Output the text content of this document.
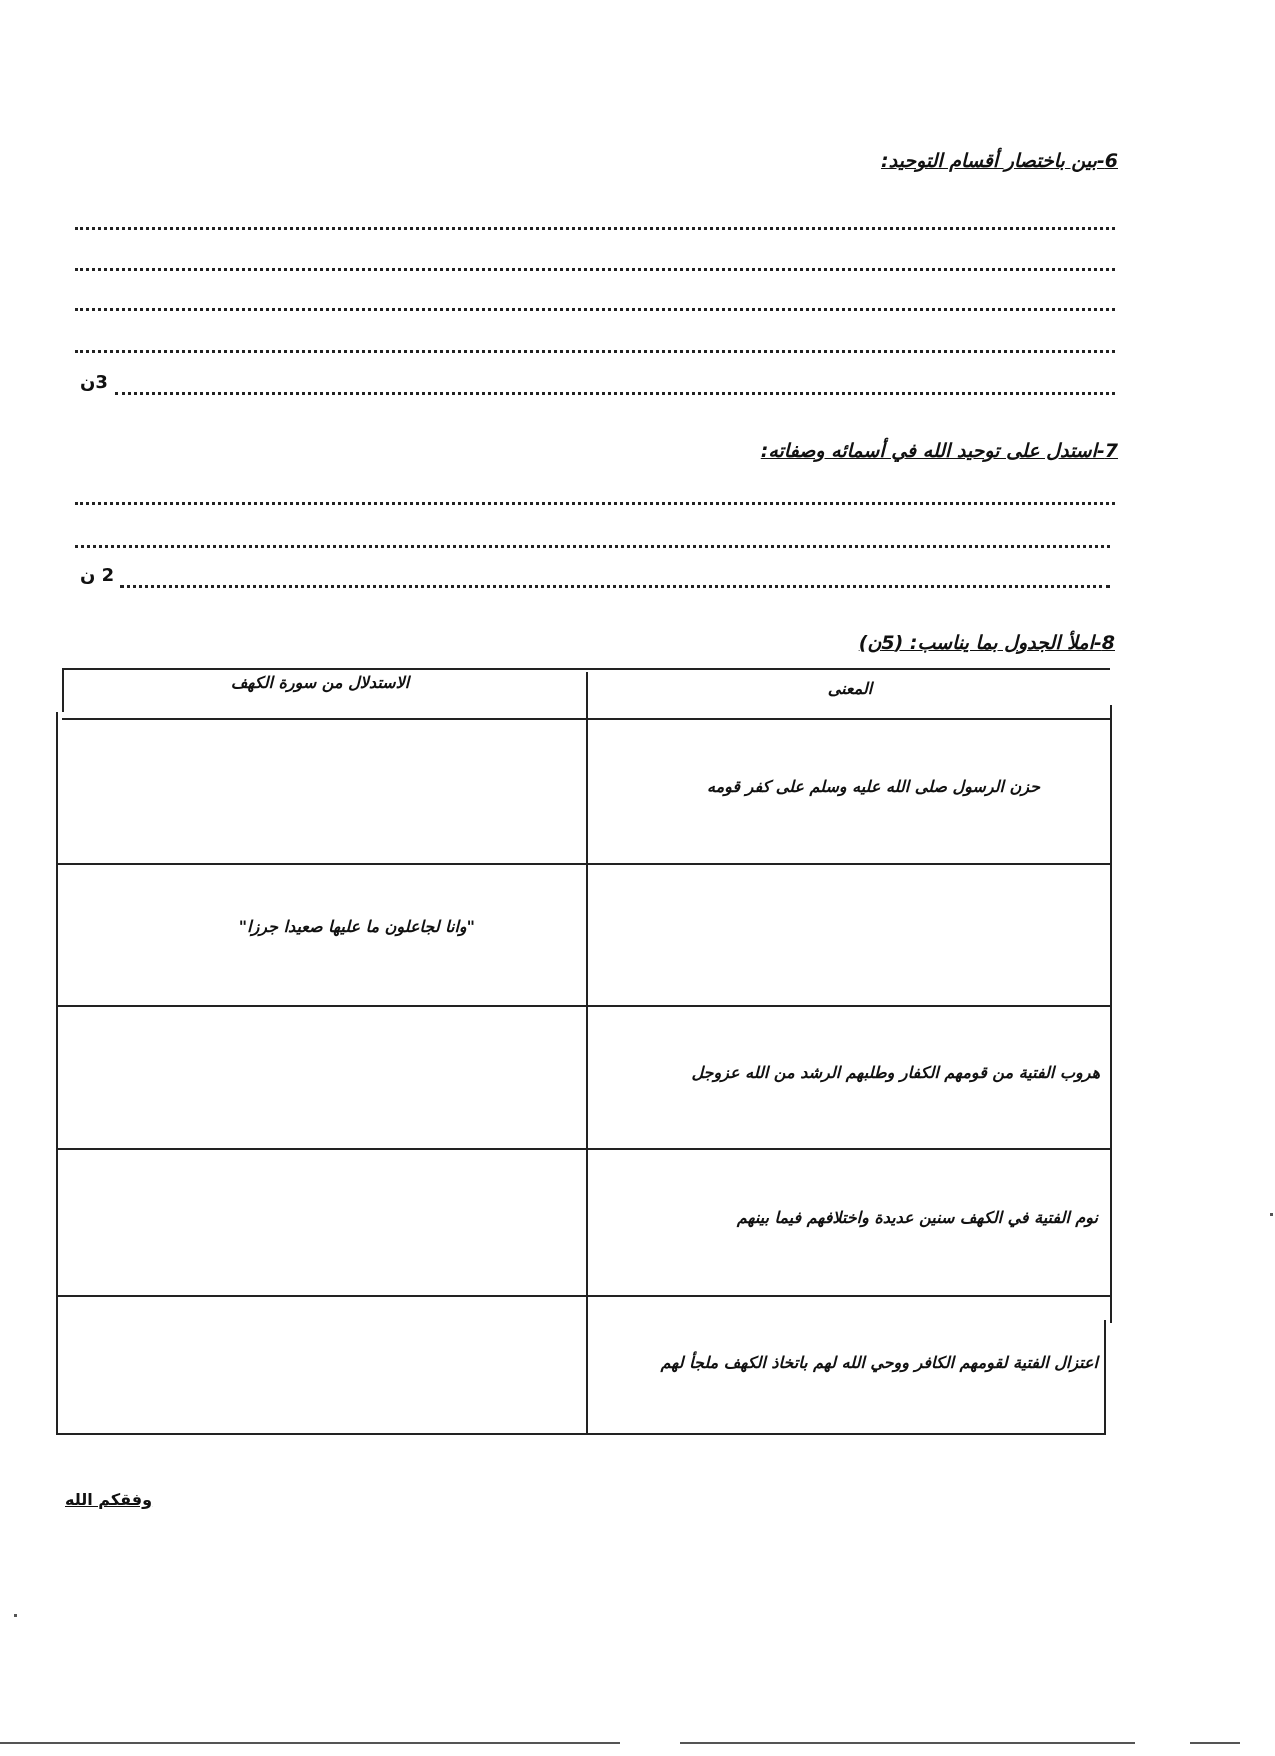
6-بين باختصار أقسام التوحيد:
3ن
7-استدل على توحيد الله في أسمائه وصفاته:
2 ن
8-املأ الجدول بما يناسب: (5ن)
المعنى
الاستدلال من سورة الكهف
حزن الرسول صلى الله عليه وسلم على كفر قومه
"وانا لجاعلون ما عليها صعيدا جرزا"
هروب الفتية من قومهم الكفار وطلبهم الرشد من الله عزوجل
نوم الفتية في الكهف سنين عديدة واختلافهم فيما بينهم
اعتزال الفتية لقومهم الكافر ووحي الله لهم باتخاذ الكهف ملجأ لهم
وفقكم الله
